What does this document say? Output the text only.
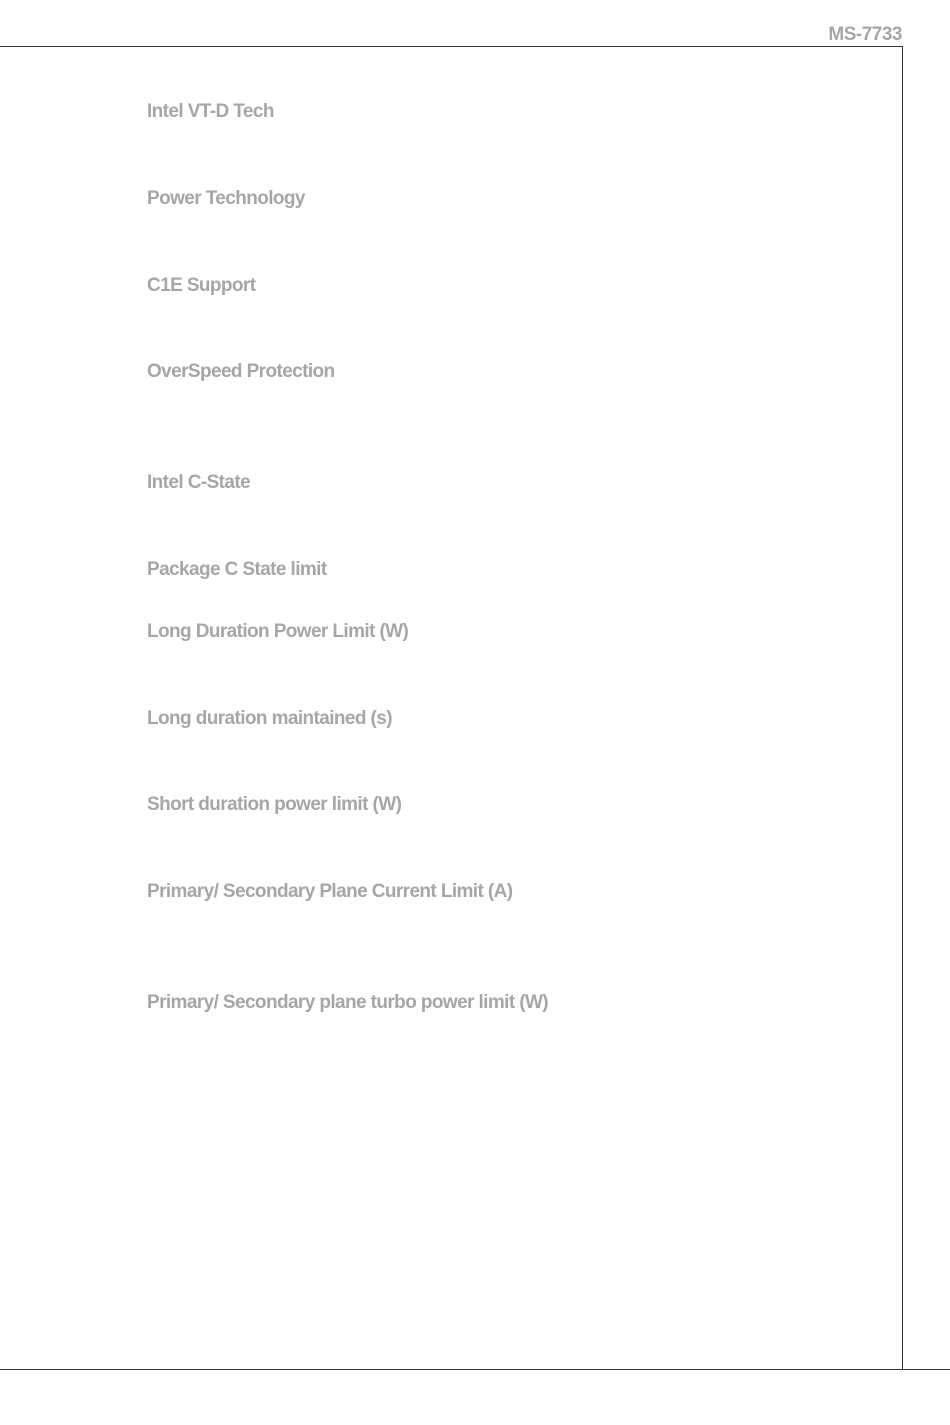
MS-7733
Intel VT-D Tech
Power Technology
C1E Support
OverSpeed Protection
Intel C-State
Package C State limit
Long Duration Power Limit (W)
Long duration maintained (s)
Short duration power limit (W)
Primary/ Secondary Plane Current Limit (A)
Primary/ Secondary plane turbo power limit (W)
